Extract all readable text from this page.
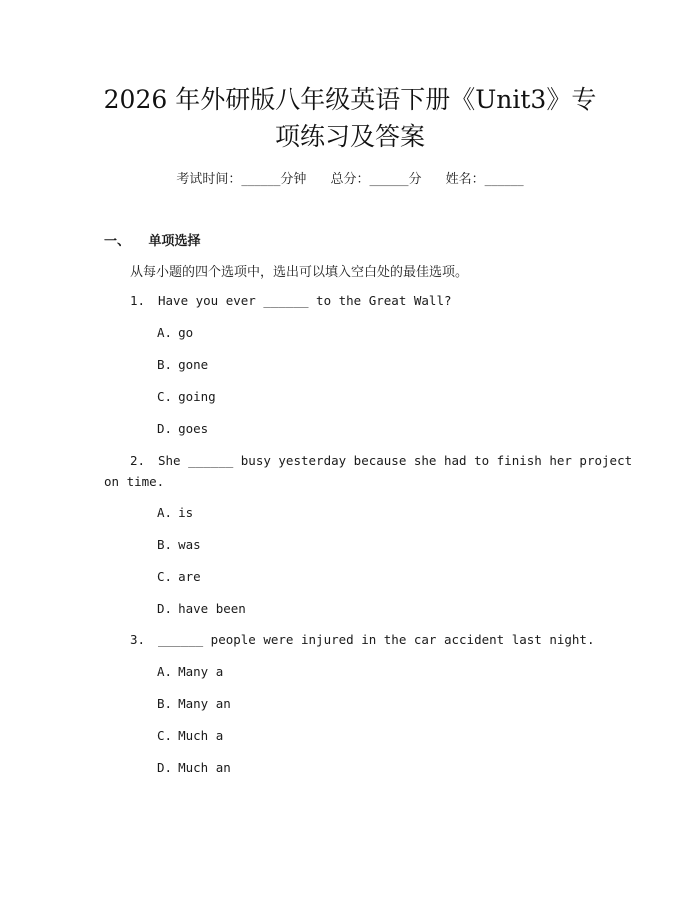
2026 年外研版八年级英语下册《Unit3》专
项练习及答案
考试时间：______分钟 总分：______分 姓名：______
一、 单项选择
从每小题的四个选项中，选出可以填入空白处的最佳选项。
1. Have you ever ______ to the Great Wall?
A. go
B. gone
C. going
D. goes
2. She ______ busy yesterday because she had to finish her project
on time.
A. is
B. was
C. are
D. have been
3. ______ people were injured in the car accident last night.
A. Many a
B. Many an
C. Much a
D. Much an
